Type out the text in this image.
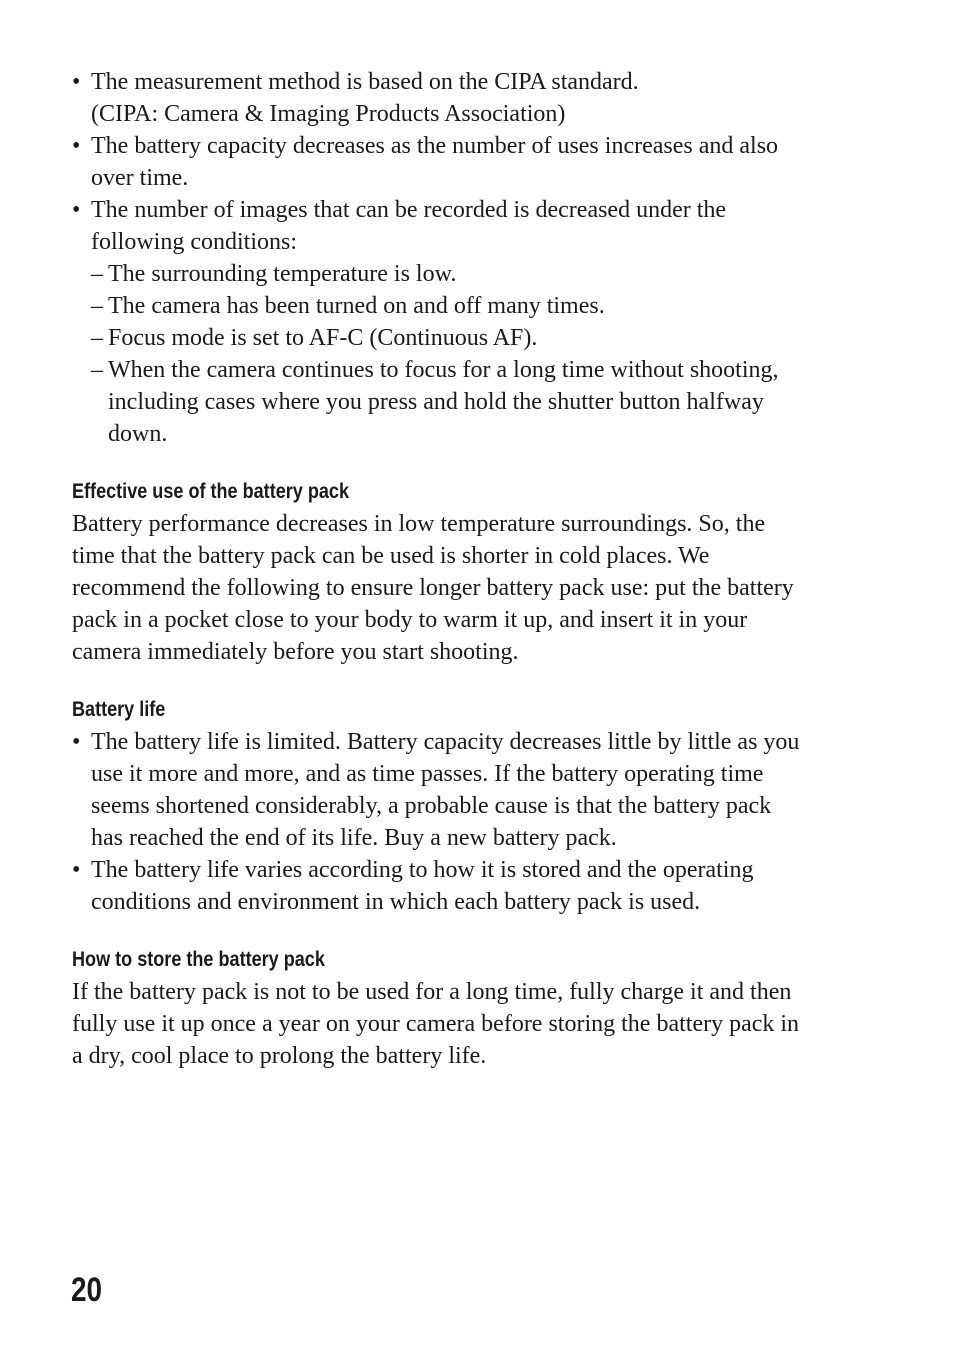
• The measurement method is based on the CIPA standard.
(CIPA: Camera & Imaging Products Association)
• The battery capacity decreases as the number of uses increases and also
over time.
• The number of images that can be recorded is decreased under the
following conditions:
– The surrounding temperature is low.
– The camera has been turned on and off many times.
– Focus mode is set to AF-C (Continuous AF).
– When the camera continues to focus for a long time without shooting,
including cases where you press and hold the shutter button halfway
down.
Effective use of the battery pack

Battery performance decreases in low temperature surroundings. So, the
time that the battery pack can be used is shorter in cold places. We
recommend the following to ensure longer battery pack use: put the battery
pack in a pocket close to your body to warm it up, and insert it in your
camera immediately before you start shooting.

Battery life
• The battery life is limited. Battery capacity decreases little by little as you
use it more and more, and as time passes. If the battery operating time
seems shortened considerably, a probable cause is that the battery pack
has reached the end of its life. Buy a new battery pack.
• The battery life varies according to how it is stored and the operating
conditions and environment in which each battery pack is used.
How to store the battery pack

If the battery pack is not to be used for a long time, fully charge it and then
fully use it up once a year on your camera before storing the battery pack in
a dry, cool place to prolong the battery life.

20
